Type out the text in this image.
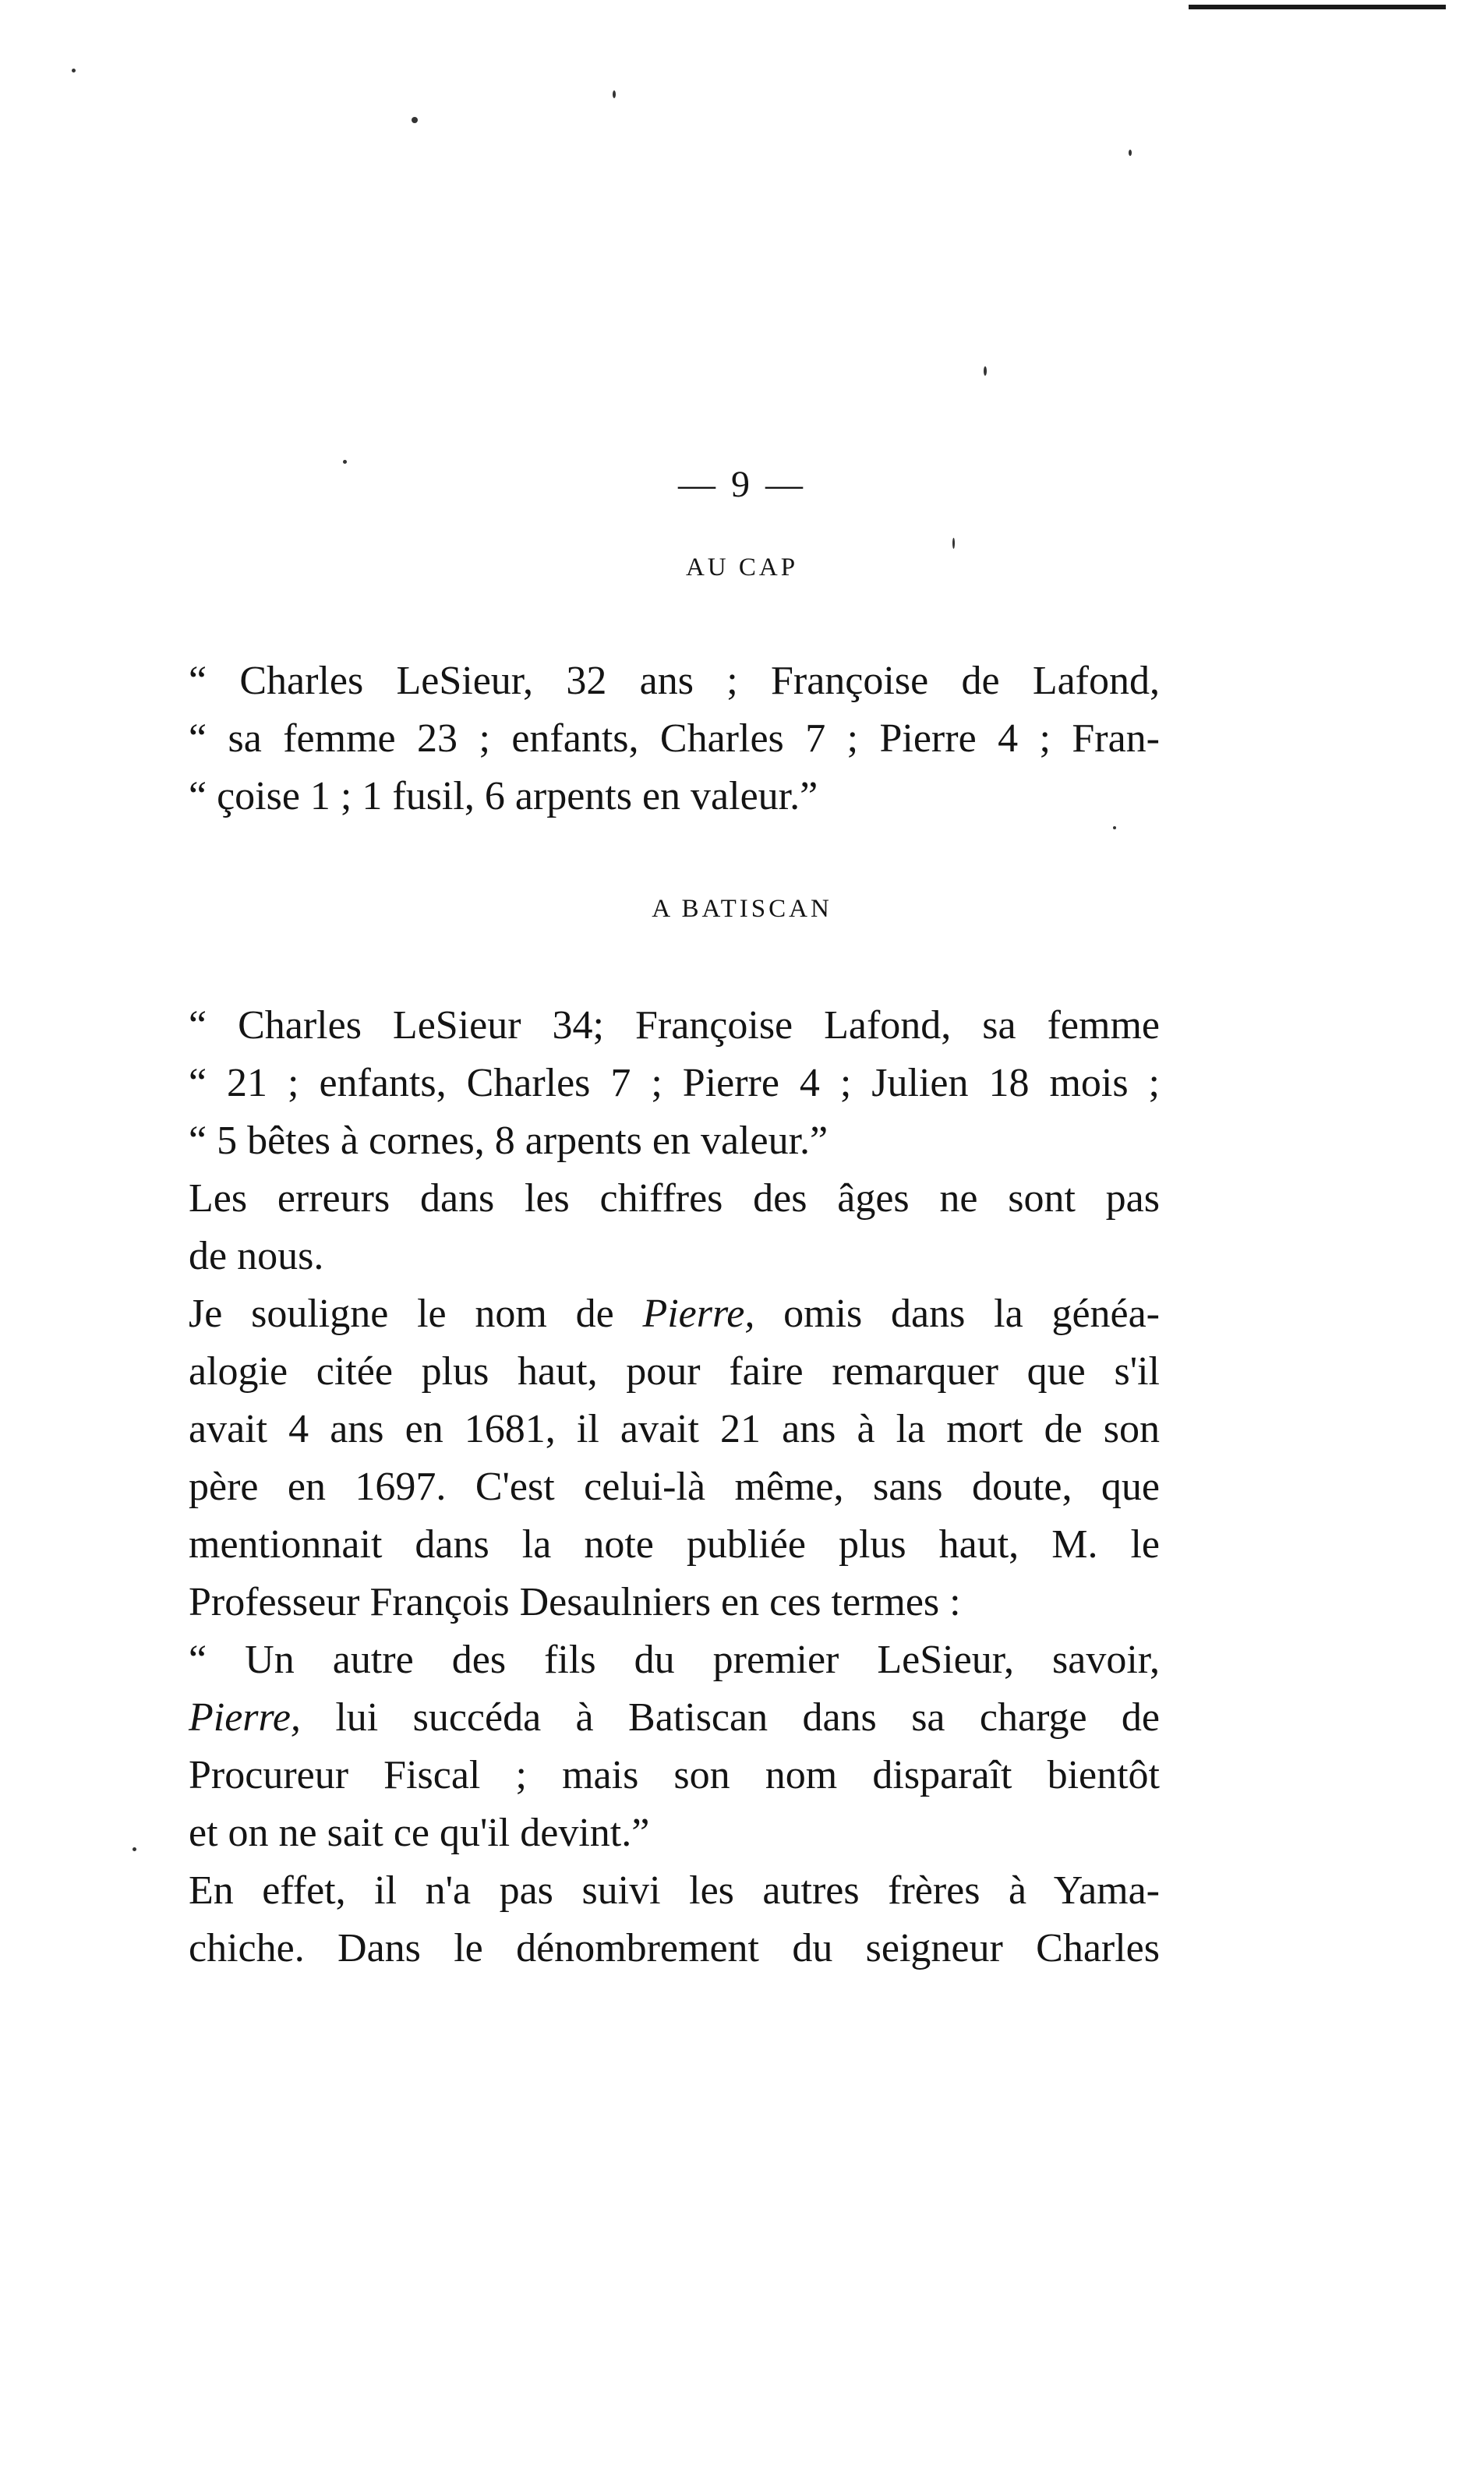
— 9 —
AU CAP
“ Charles LeSieur, 32 ans ; Françoise de Lafond,
“ sa femme 23 ; enfants, Charles 7 ; Pierre 4 ; Fran-
“ çoise 1 ; 1 fusil, 6 arpents en valeur.”
A BATISCAN
“ Charles LeSieur 34; Françoise Lafond, sa femme
“ 21 ; enfants, Charles 7 ; Pierre 4 ; Julien 18 mois ;
“ 5 bêtes à cornes, 8 arpents en valeur.”
Les erreurs dans les chiffres des âges ne sont pas
de nous.
Je souligne le nom de Pierre, omis dans la généa-
alogie citée plus haut, pour faire remarquer que s'il
avait 4 ans en 1681, il avait 21 ans à la mort de son
père en 1697. C'est celui-là même, sans doute, que
mentionnait dans la note publiée plus haut, M. le
Professeur François Desaulniers en ces termes :
“ Un autre des fils du premier LeSieur, savoir,
Pierre, lui succéda à Batiscan dans sa charge de
Procureur Fiscal ; mais son nom disparaît bientôt
et on ne sait ce qu'il devint.”
En effet, il n'a pas suivi les autres frères à Yama-
chiche. Dans le dénombrement du seigneur Charles
